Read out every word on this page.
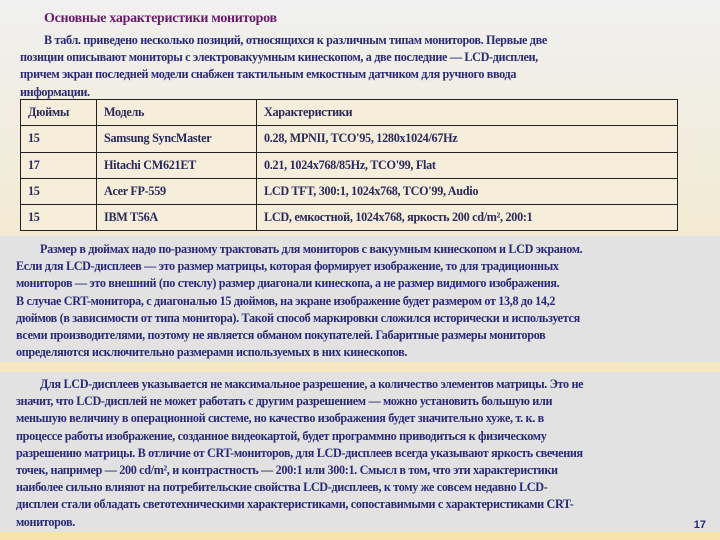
Основные характеристики мониторов
В табл. приведено несколько позиций, относящихся к различным типам мониторов. Первые две
позиции описывают мониторы с электровакуумным кинескопом, а две последние — LCD-дисплеи,
причем экран последней модели снабжен тактильным емкостным датчиком для ручного ввода
информации.
Дюймы	Модель	Характеристики
15	Samsung SyncMaster	0.28, MPNII, TCO'95, 1280x1024/67Hz
17	Hitachi CM621ET	0.21, 1024x768/85Hz, TCO'99, Flat
15	Acer FP-559	LCD TFT, 300:1, 1024x768, TCO'99, Audio
15	IBM T56A	LCD, емкостной, 1024x768, яркость 200 cd/m², 200:1
Размер в дюймах надо по-разному трактовать для мониторов с вакуумным кинескопом и LCD экраном.
Если для LCD-дисплеев — это размер матрицы, которая формирует изображение, то для традиционных
мониторов — это внешний (по стеклу) размер диагонали кинескопа, а не размер видимого изображения.
В случае CRT-монитора, с диагональю 15 дюймов, на экране изображение будет размером от 13,8 до 14,2
дюймов (в зависимости от типа монитора). Такой способ маркировки сложился исторически и используется
всеми производителями, поэтому не является обманом покупателей. Габаритные размеры мониторов
определяются исключительно размерами используемых в них кинескопов.
Для LCD-дисплеев указывается не максимальное разрешение, а количество элементов матрицы. Это не
значит, что LCD-дисплей не может работать с другим разрешением — можно установить большую или
меньшую величину в операционной системе, но качество изображения будет значительно хуже, т. к. в
процессе работы изображение, созданное видеокартой, будет программно приводиться к физическому
разрешению матрицы. В отличие от CRT-мониторов, для LCD-дисплеев всегда указывают яркость свечения
точек, например — 200 cd/m², и контрастность — 200:1 или 300:1. Смысл в том, что эти характеристики
наиболее сильно влияют на потребительские свойства LCD-дисплеев, к тому же совсем недавно LCD-
дисплеи стали обладать светотехническими характеристиками, сопоставимыми с характеристиками CRT-
мониторов.	17
